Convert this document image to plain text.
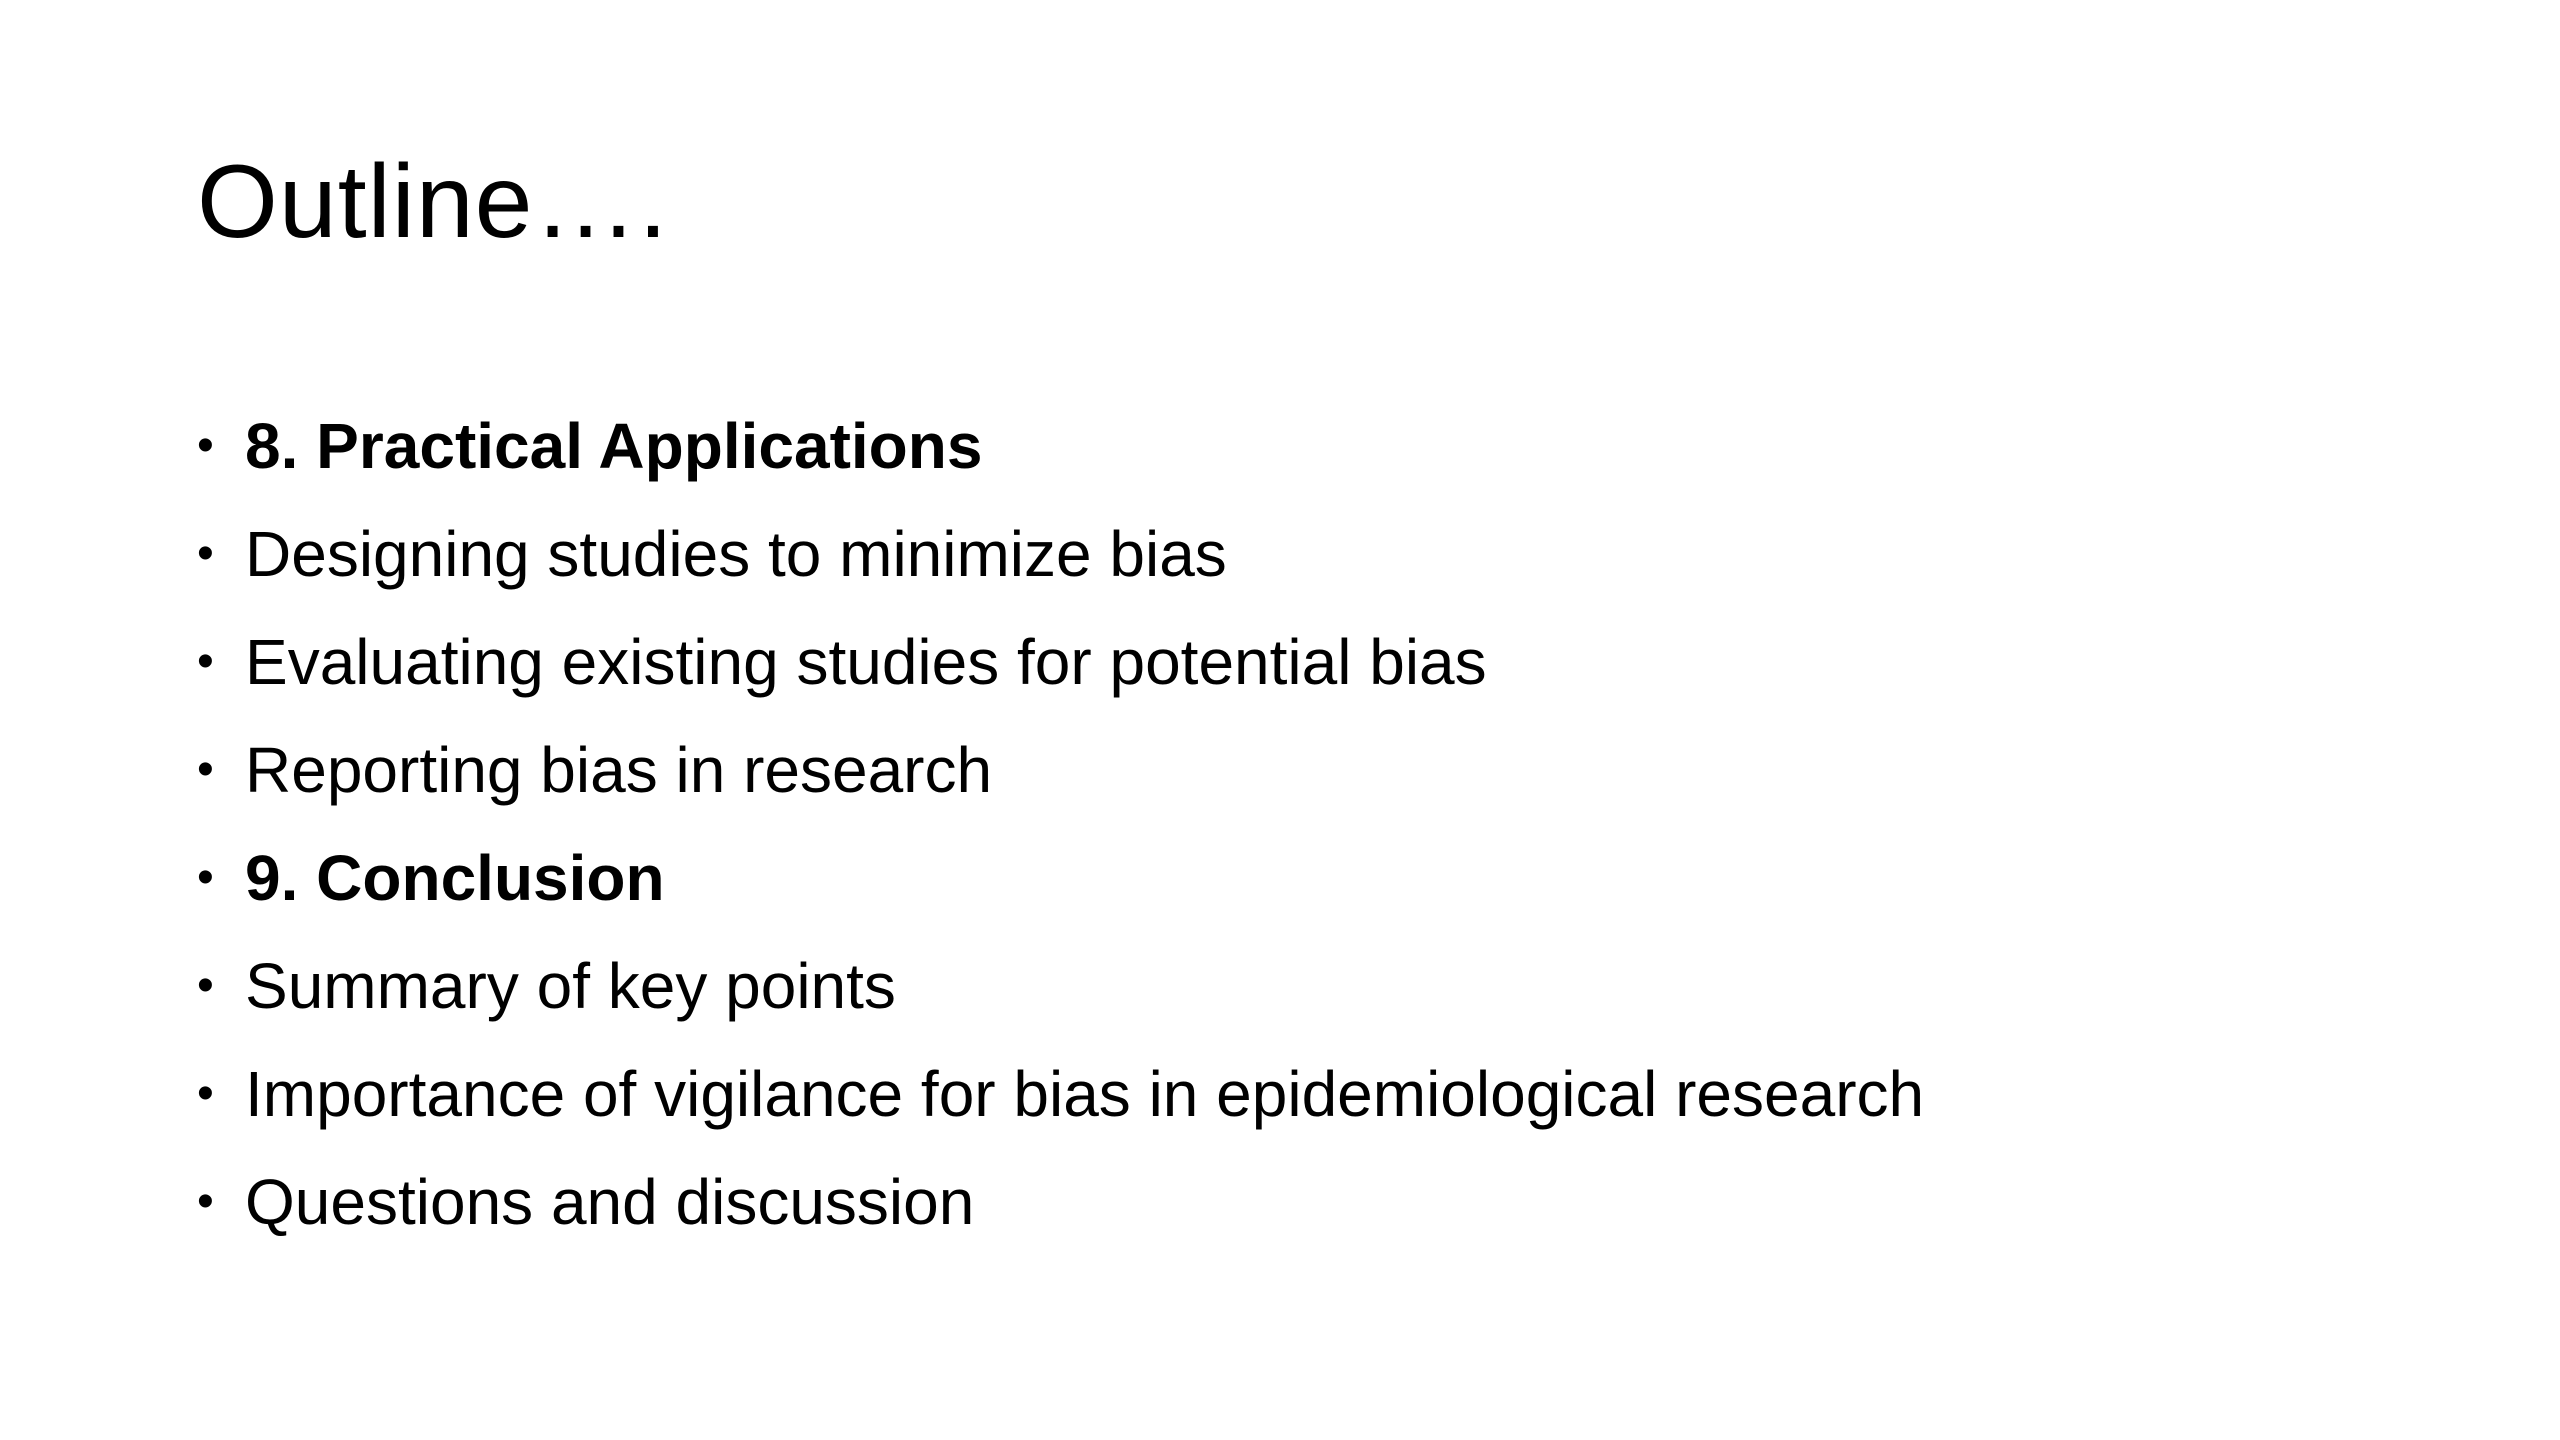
Outline….
• 8. Practical Applications
• Designing studies to minimize bias
• Evaluating existing studies for potential bias
• Reporting bias in research
• 9. Conclusion
• Summary of key points
• Importance of vigilance for bias in epidemiological research
• Questions and discussion
